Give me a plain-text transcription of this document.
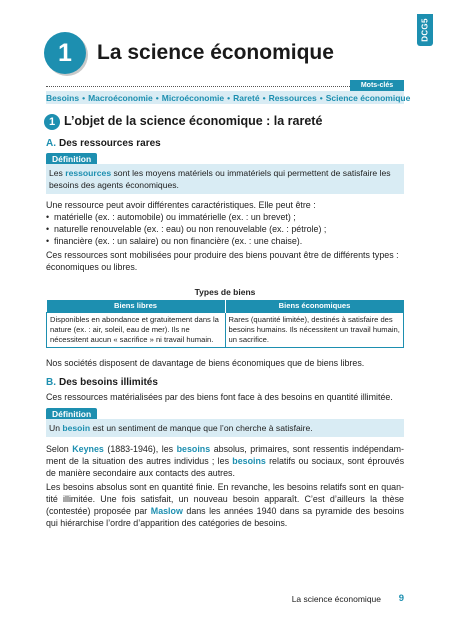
DCG5
1 La science économique
Mots-clés
Besoins • Macroéconomie • Microéconomie • Rareté • Ressources • Science économique
1 L’objet de la science économique : la rareté
A. Des ressources rares
Définition
Les ressources sont les moyens matériels ou immatériels qui permettent de satisfaire les besoins des agents économiques.

Une ressource peut avoir différentes caractéristiques. Elle peut être :

• matérielle (ex. : automobile) ou immatérielle (ex. : un brevet) ;

• naturelle renouvelable (ex. : eau) ou non renouvelable (ex. : pétrole) ;

• financière (ex. : un salaire) ou non financière (ex. : une chaise).

Ces ressources sont mobilisées pour produire des biens pouvant être de différents types : économiques ou libres.

Types de biens
Biens libres	Biens économiques
Disponibles en abondance et gratuitement dans la nature (ex. : air, soleil, eau de mer). Ils ne nécessitent aucun « sacrifice » ni travail humain.	Rares (quantité limitée), destinés à satisfaire des besoins humains. Ils nécessitent un travail humain, un sacrifice.
Nos sociétés disposent de davantage de biens économiques que de biens libres.
B. Des besoins illimités
Ces ressources matérialisées par des biens font face à des besoins en quantité illimitée.
Définition
Un besoin est un sentiment de manque que l’on cherche à satisfaire.
Selon Keynes (1883-1946), les besoins absolus, primaires, sont ressentis indépendamment de la situation des autres individus ; les besoins relatifs ou sociaux, sont éprouvés de manière secondaire aux contacts des autres.
Les besoins absolus sont en quantité finie. En revanche, les besoins relatifs sont en quantité illimitée. Une fois satisfait, un nouveau besoin apparaît. C’est d’ailleurs la thèse (contestée) proposée par Maslow dans les années 1940 dans sa pyramide des besoins qui hiérarchise l’ordre d’apparition des catégories de besoins.
La science économique 9
